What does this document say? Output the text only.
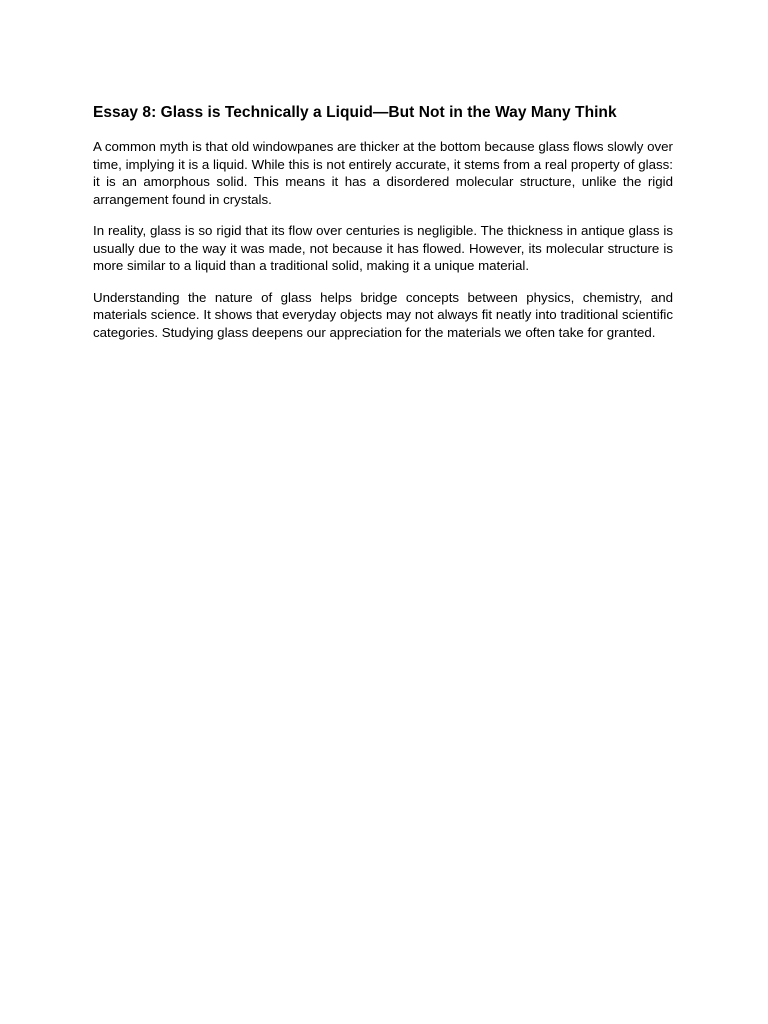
Essay 8: Glass is Technically a Liquid—But Not in the Way Many Think

A common myth is that old windowpanes are thicker at the bottom because glass flows slowly over time, implying it is a liquid. While this is not entirely accurate, it stems from a real property of glass: it is an amorphous solid. This means it has a disordered molecular structure, unlike the rigid arrangement found in crystals.

In reality, glass is so rigid that its flow over centuries is negligible. The thickness in antique glass is usually due to the way it was made, not because it has flowed. However, its molecular structure is more similar to a liquid than a traditional solid, making it a unique material.

Understanding the nature of glass helps bridge concepts between physics, chemistry, and materials science. It shows that everyday objects may not always fit neatly into traditional scientific categories. Studying glass deepens our appreciation for the materials we often take for granted.
